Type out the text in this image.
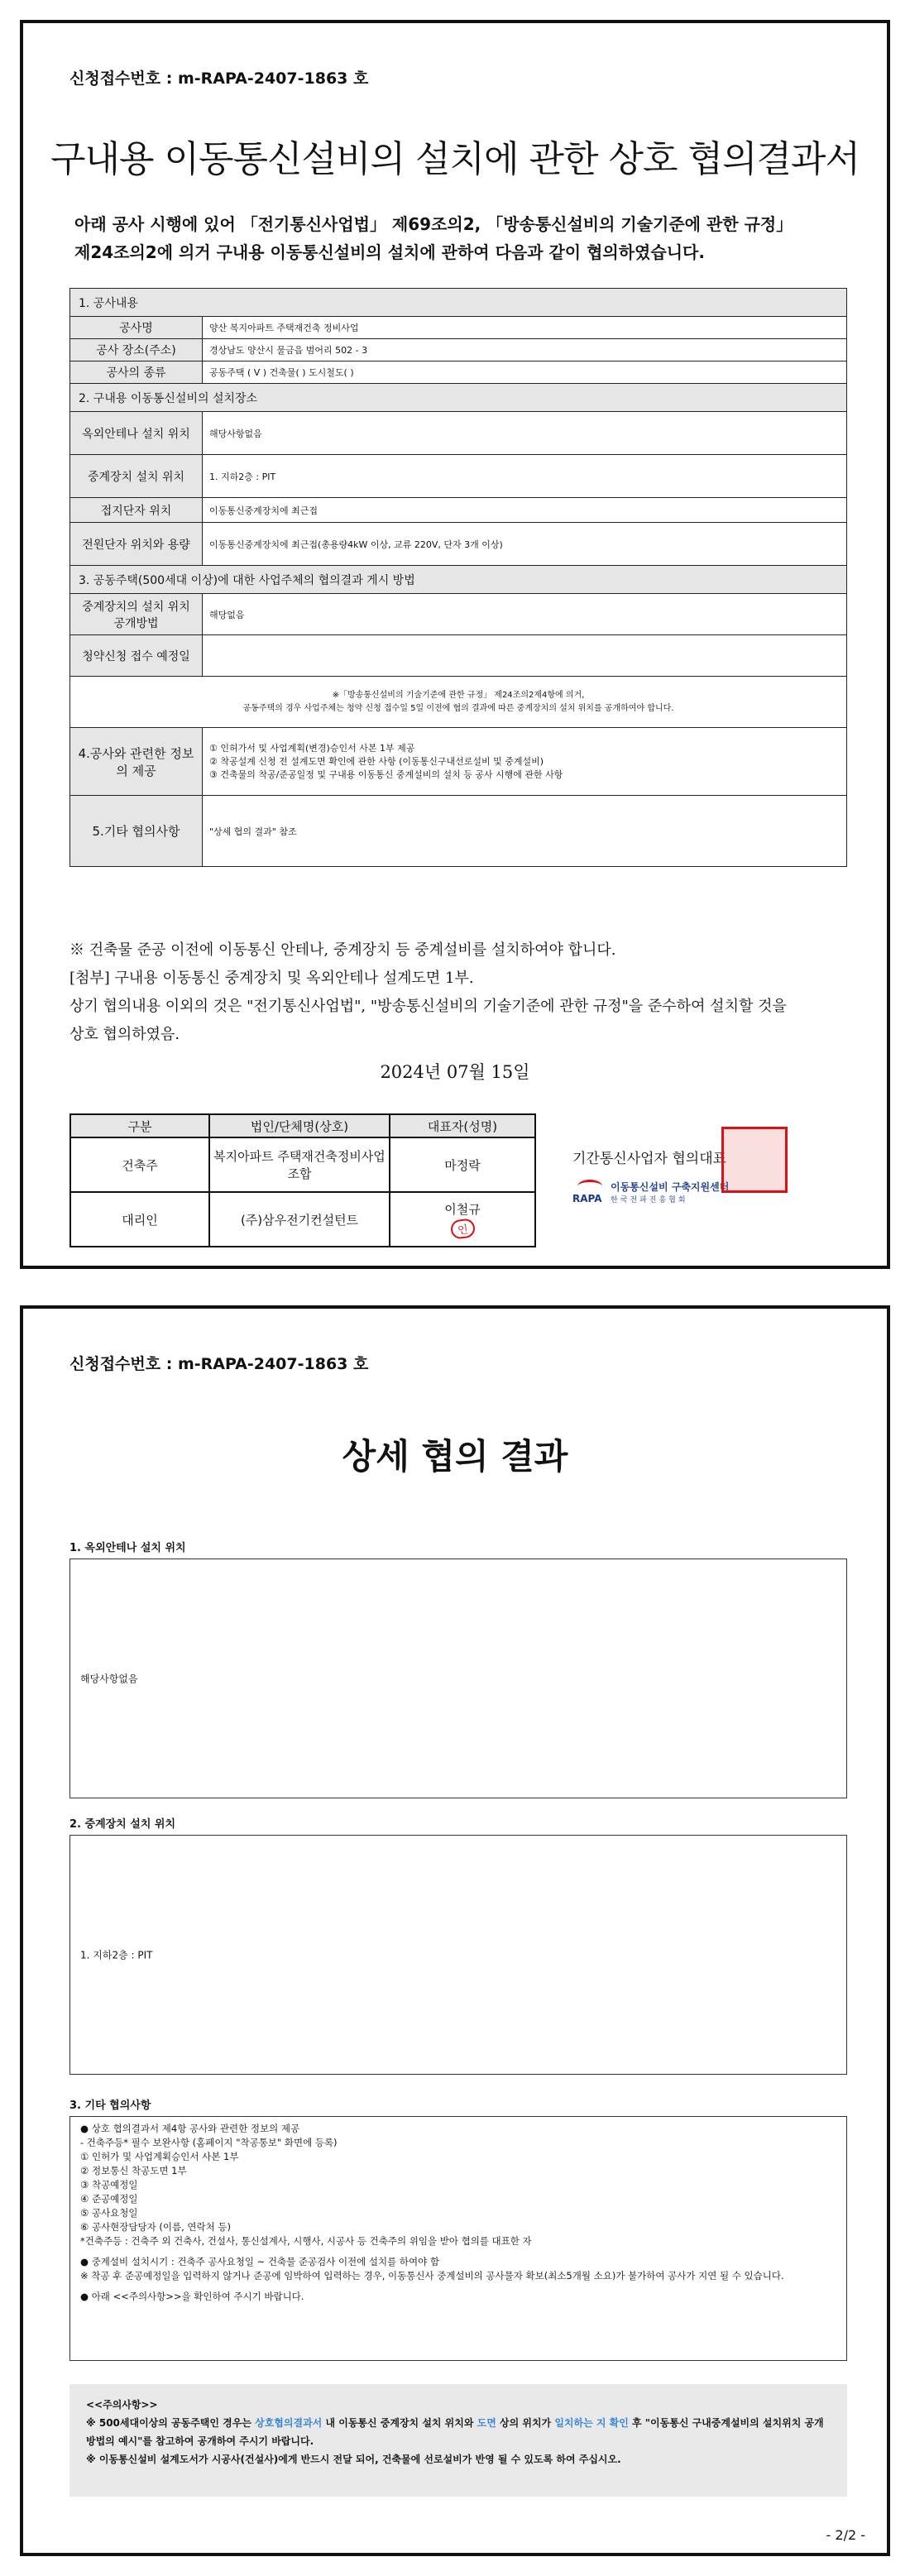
신청접수번호 : m-RAPA-2407-1863 호
구내용 이동통신설비의 설치에 관한 상호 협의결과서
아래 공사 시행에 있어 「전기통신사업법」 제69조의2, 「방송통신설비의 기술기준에 관한 규정」
제24조의2에 의거 구내용 이동통신설비의 설치에 관하여 다음과 같이 협의하였습니다.
1. 공사내용	
공사명	양산 복지아파트 주택재건축 정비사업
공사 장소(주소)	경상남도 양산시 물금읍 범어리 502 - 3
공사의 종류	공동주택 ( V ) 건축물( ) 도시철도( )
2. 구내용 이동통신설비의 설치장소	
옥외안테나 설치 위치	해당사항없음
중계장치 설치 위치	1. 지하2층 : PIT
접지단자 위치	이동통신중계장치에 최근접
전원단자 위치와 용량	이동통신중계장치에 최근접(총용량4kW 이상, 교류 220V, 단자 3개 이상)
3. 공동주택(500세대 이상)에 대한 사업주체의 협의결과 게시 방법	
중계장치의 설치 위치 공개방법	해당없음
청약신청 접수 예정일	

※「방송통신설비의 기술기준에 관한 규정」 제24조의2제4항에 의거,
공동주택의 경우 사업주체는 청약 신청 접수일 5일 이전에 협의 결과에 따른 중계장치의 설치 위치를 공개하여야 합니다.	

4.공사와 관련한 정보의 제공	① 인허가서 및 사업계획(변경)승인서 사본 1부 제공
② 착공설계 신청 전 설계도면 확인에 관한 사항 (이동통신구내선로설비 및 중계설비)
③ 건축물의 착공/준공일정 및 구내용 이동통신 중계설비의 설치 등 공사 시행에 관한 사항

5.기타 협의사항	"상세 협의 결과" 참조
※ 건축물 준공 이전에 이동통신 안테나, 중계장치 등 중계설비를 설치하여야 합니다.
[첨부] 구내용 이동통신 중계장치 및 옥외안테나 설계도면 1부.
상기 협의내용 이외의 것은 "전기통신사업법", "방송통신설비의 기술기준에 관한 규정"을 준수하여 설치할 것을
상호 협의하였음.
2024년 07월 15일
구분	법인/단체명(상호)	대표자(성명)
건축주	복지아파트 주택재건축정비사업조합	마정락
대리인	(주)삼우전기컨설턴트	이철규
인
기간통신사업자 협의대표
RAPA
이동통신설비 구축지원센터
한국전파진흥협회
신청접수번호 : m-RAPA-2407-1863 호
상세 협의 결과
1. 옥외안테나 설치 위치
해당사항없음
2. 중계장치 설치 위치
1. 지하2층 : PIT
3. 기타 협의사항
● 상호 협의결과서 제4항 공사와 관련한 정보의 제공
- 건축주등* 필수 보완사항 (홈페이지 "착공통보" 화면에 등록)
① 인허가 및 사업계획승인서 사본 1부
② 정보통신 착공도면 1부
③ 착공예정일
④ 준공예정일
⑤ 공사요청일
⑥ 공사현장담당자 (이름, 연락처 등)
*건축주등 : 건축주 외 건축사, 건설사, 통신설계사, 시행사, 시공사 등 건축주의 위임을 받아 협의를 대표한 자
● 중계설비 설치시기 : 건축주 공사요청일 ~ 건축물 준공검사 이전에 설치를 하여야 함
※ 착공 후 준공예정일을 입력하지 않거나 준공에 임박하여 입력하는 경우, 이동통신사 중계설비의 공사물자 확보(최소5개월 소요)가 불가하여 공사가 지연 될 수 있습니다.
● 아래 <<주의사항>>을 확인하여 주시기 바랍니다.
<<주의사항>>
※ 500세대이상의 공동주택인 경우는 상호협의결과서 내 이동통신 중계장치 설치 위치와 도면 상의 위치가 일치하는 지 확인 후 "이동통신 구내중계설비의 설치위치 공개 방법의 예시"를 참고하여 공개하여 주시기 바랍니다.
※ 이동통신설비 설계도서가 시공사(건설사)에게 반드시 전달 되어, 건축물에 선로설비가 반영 될 수 있도록 하여 주십시오.
- 2/2 -
